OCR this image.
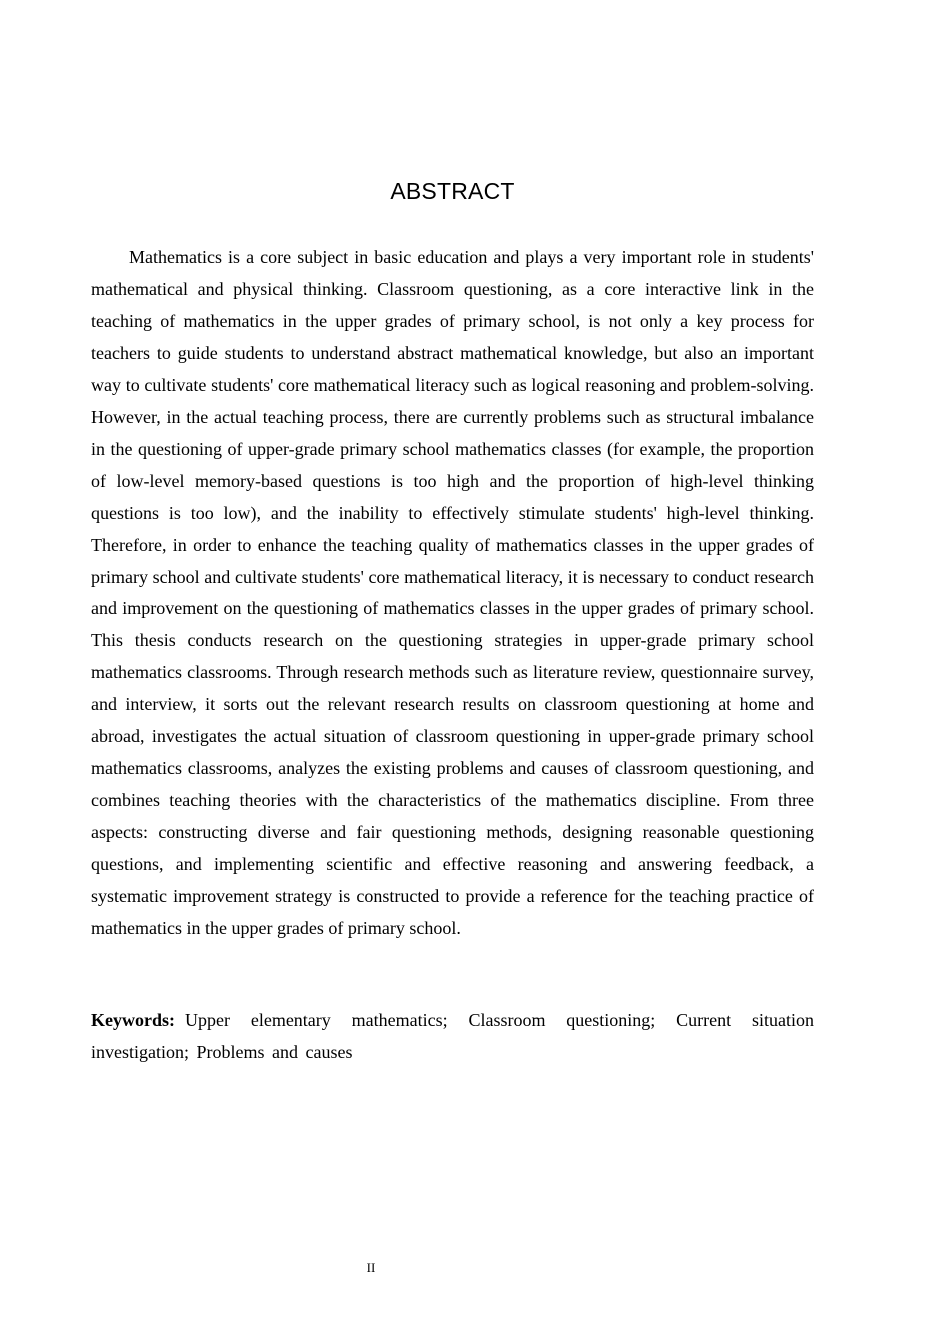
ABSTRACT

Mathematics is a core subject in basic education and plays a very important role in students' mathematical and physical thinking. Classroom questioning, as a core interactive link in the teaching of mathematics in the upper grades of primary school, is not only a key process for teachers to guide students to understand abstract mathematical knowledge, but also an important way to cultivate students' core mathematical literacy such as logical reasoning and problem-solving. However, in the actual teaching process, there are currently problems such as structural imbalance in the questioning of upper-grade primary school mathematics classes (for example, the proportion of low-level memory-based questions is too high and the proportion of high-level thinking questions is too low), and the inability to effectively stimulate students' high-level thinking. Therefore, in order to enhance the teaching quality of mathematics classes in the upper grades of primary school and cultivate students' core mathematical literacy, it is necessary to conduct research and improvement on the questioning of mathematics classes in the upper grades of primary school. This thesis conducts research on the questioning strategies in upper-grade primary school mathematics classrooms. Through research methods such as literature review, questionnaire survey, and interview, it sorts out the relevant research results on classroom questioning at home and abroad, investigates the actual situation of classroom questioning in upper-grade primary school mathematics classrooms, analyzes the existing problems and causes of classroom questioning, and combines teaching theories with the characteristics of the mathematics discipline. From three aspects: constructing diverse and fair questioning methods, designing reasonable questioning questions, and implementing scientific and effective reasoning and answering feedback, a systematic improvement strategy is constructed to provide a reference for the teaching practice of mathematics in the upper grades of primary school.

Keywords: Upper elementary mathematics; Classroom questioning; Current situation investigation; Problems and causes

II
